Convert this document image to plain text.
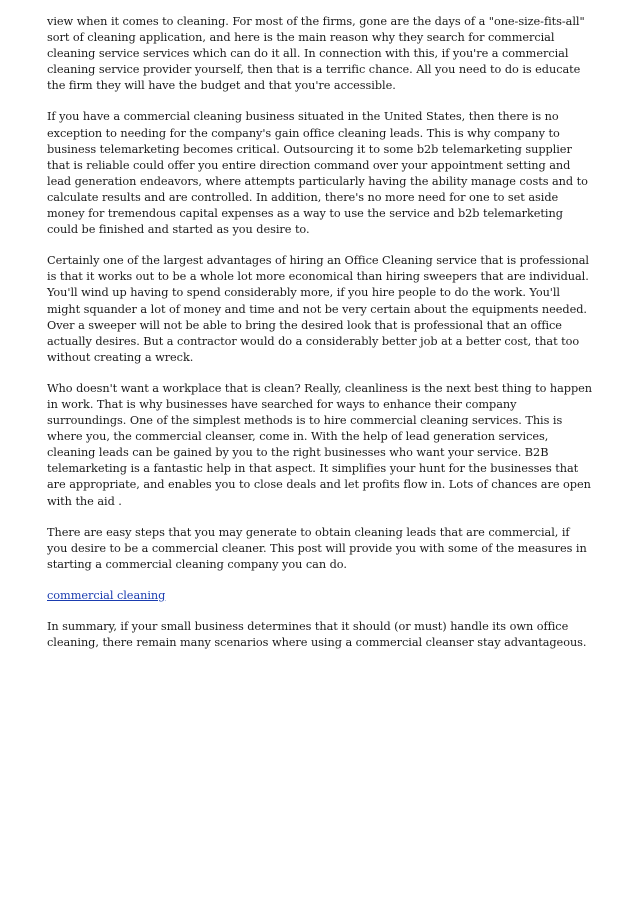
view when it comes to cleaning. For most of the firms, gone are the days of a "one-size-fits-all" sort of cleaning application, and here is the main reason why they search for commercial cleaning service services which can do it all. In connection with this, if you're a commercial cleaning service provider yourself, then that is a terrific chance. All you need to do is educate the firm they will have the budget and that you're accessible.

If you have a commercial cleaning business situated in the United States, then there is no exception to needing for the company's gain office cleaning leads. This is why company to business telemarketing becomes critical. Outsourcing it to some b2b telemarketing supplier that is reliable could offer you entire direction command over your appointment setting and lead generation endeavors, where attempts particularly having the ability manage costs and to calculate results and are controlled. In addition, there's no more need for one to set aside money for tremendous capital expenses as a way to use the service and b2b telemarketing could be finished and started as you desire to.

Certainly one of the largest advantages of hiring an Office Cleaning service that is professional is that it works out to be a whole lot more economical than hiring sweepers that are individual. You'll wind up having to spend considerably more, if you hire people to do the work. You'll might squander a lot of money and time and not be very certain about the equipments needed. Over a sweeper will not be able to bring the desired look that is professional that an office actually desires. But a contractor would do a considerably better job at a better cost, that too without creating a wreck.

Who doesn't want a workplace that is clean? Really, cleanliness is the next best thing to happen in work. That is why businesses have searched for ways to enhance their company surroundings. One of the simplest methods is to hire commercial cleaning services. This is where you, the commercial cleanser, come in. With the help of lead generation services, cleaning leads can be gained by you to the right businesses who want your service. B2B telemarketing is a fantastic help in that aspect. It simplifies your hunt for the businesses that are appropriate, and enables you to close deals and let profits flow in. Lots of chances are open with the aid .

There are easy steps that you may generate to obtain cleaning leads that are commercial, if you desire to be a commercial cleaner. This post will provide you with some of the measures in starting a commercial cleaning company you can do.

commercial cleaning

In summary, if your small business determines that it should (or must) handle its own office cleaning, there remain many scenarios where using a commercial cleanser stay advantageous.
